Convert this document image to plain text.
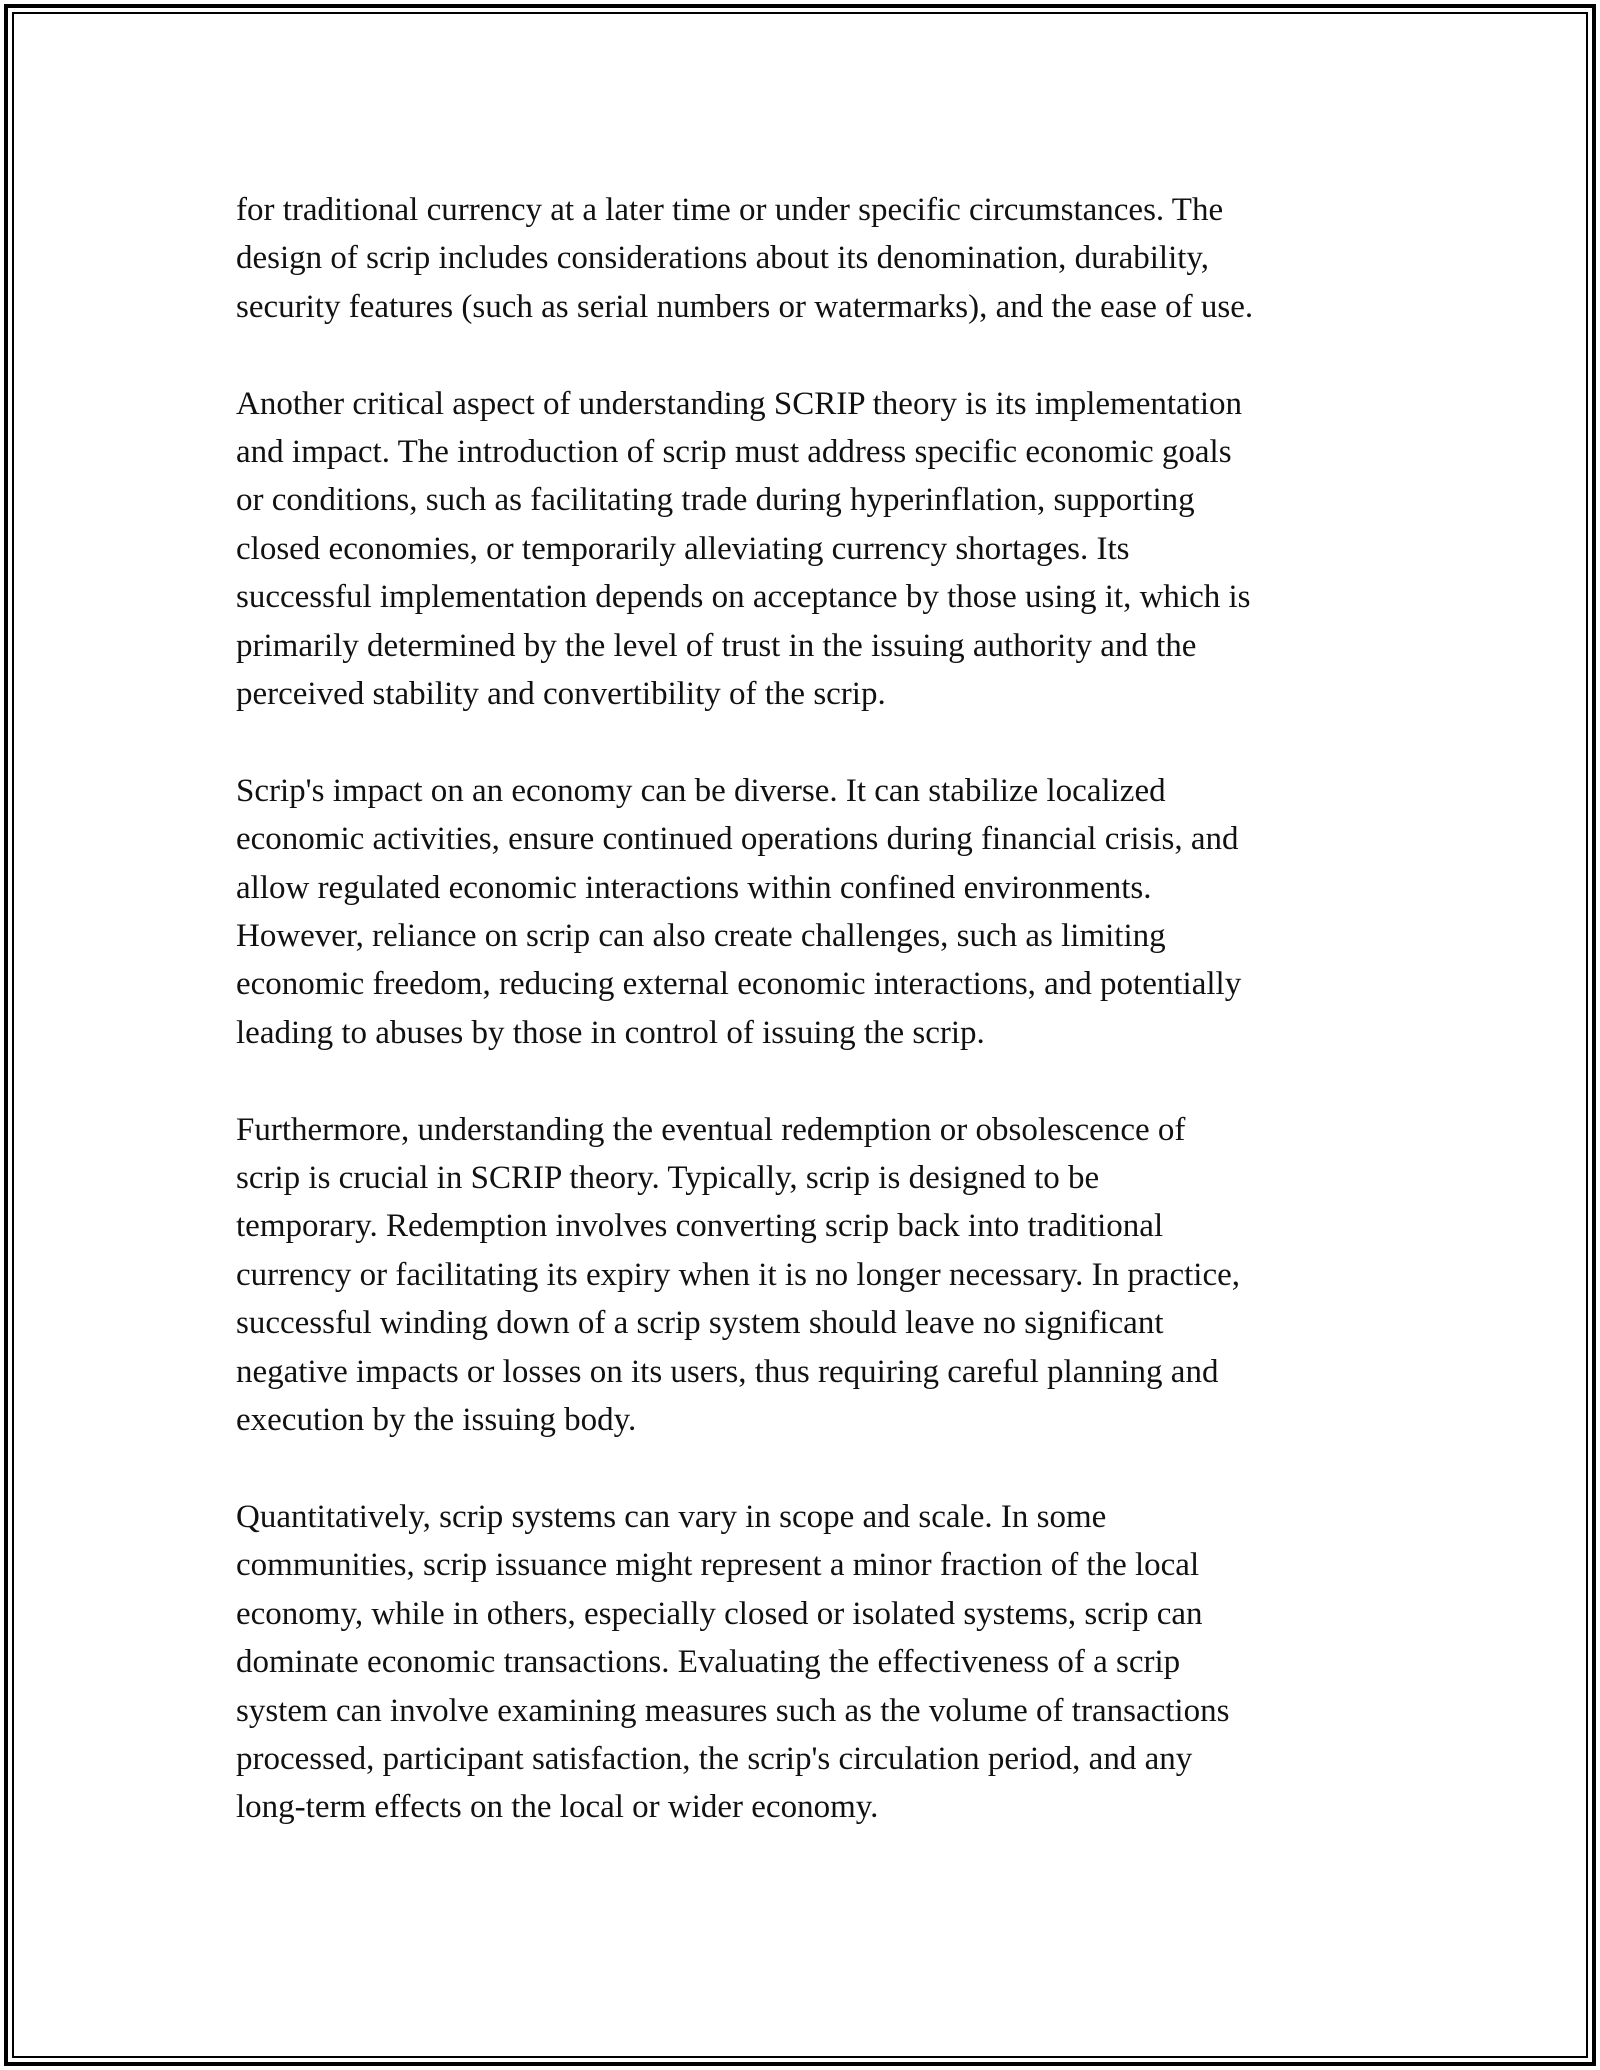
for traditional currency at a later time or under specific circumstances. The
design of scrip includes considerations about its denomination, durability,
security features (such as serial numbers or watermarks), and the ease of use.

Another critical aspect of understanding SCRIP theory is its implementation
and impact. The introduction of scrip must address specific economic goals
or conditions, such as facilitating trade during hyperinflation, supporting
closed economies, or temporarily alleviating currency shortages. Its
successful implementation depends on acceptance by those using it, which is
primarily determined by the level of trust in the issuing authority and the
perceived stability and convertibility of the scrip.

Scrip's impact on an economy can be diverse. It can stabilize localized
economic activities, ensure continued operations during financial crisis, and
allow regulated economic interactions within confined environments.
However, reliance on scrip can also create challenges, such as limiting
economic freedom, reducing external economic interactions, and potentially
leading to abuses by those in control of issuing the scrip.

Furthermore, understanding the eventual redemption or obsolescence of
scrip is crucial in SCRIP theory. Typically, scrip is designed to be
temporary. Redemption involves converting scrip back into traditional
currency or facilitating its expiry when it is no longer necessary. In practice,
successful winding down of a scrip system should leave no significant
negative impacts or losses on its users, thus requiring careful planning and
execution by the issuing body.

Quantitatively, scrip systems can vary in scope and scale. In some
communities, scrip issuance might represent a minor fraction of the local
economy, while in others, especially closed or isolated systems, scrip can
dominate economic transactions. Evaluating the effectiveness of a scrip
system can involve examining measures such as the volume of transactions
processed, participant satisfaction, the scrip's circulation period, and any
long-term effects on the local or wider economy.
